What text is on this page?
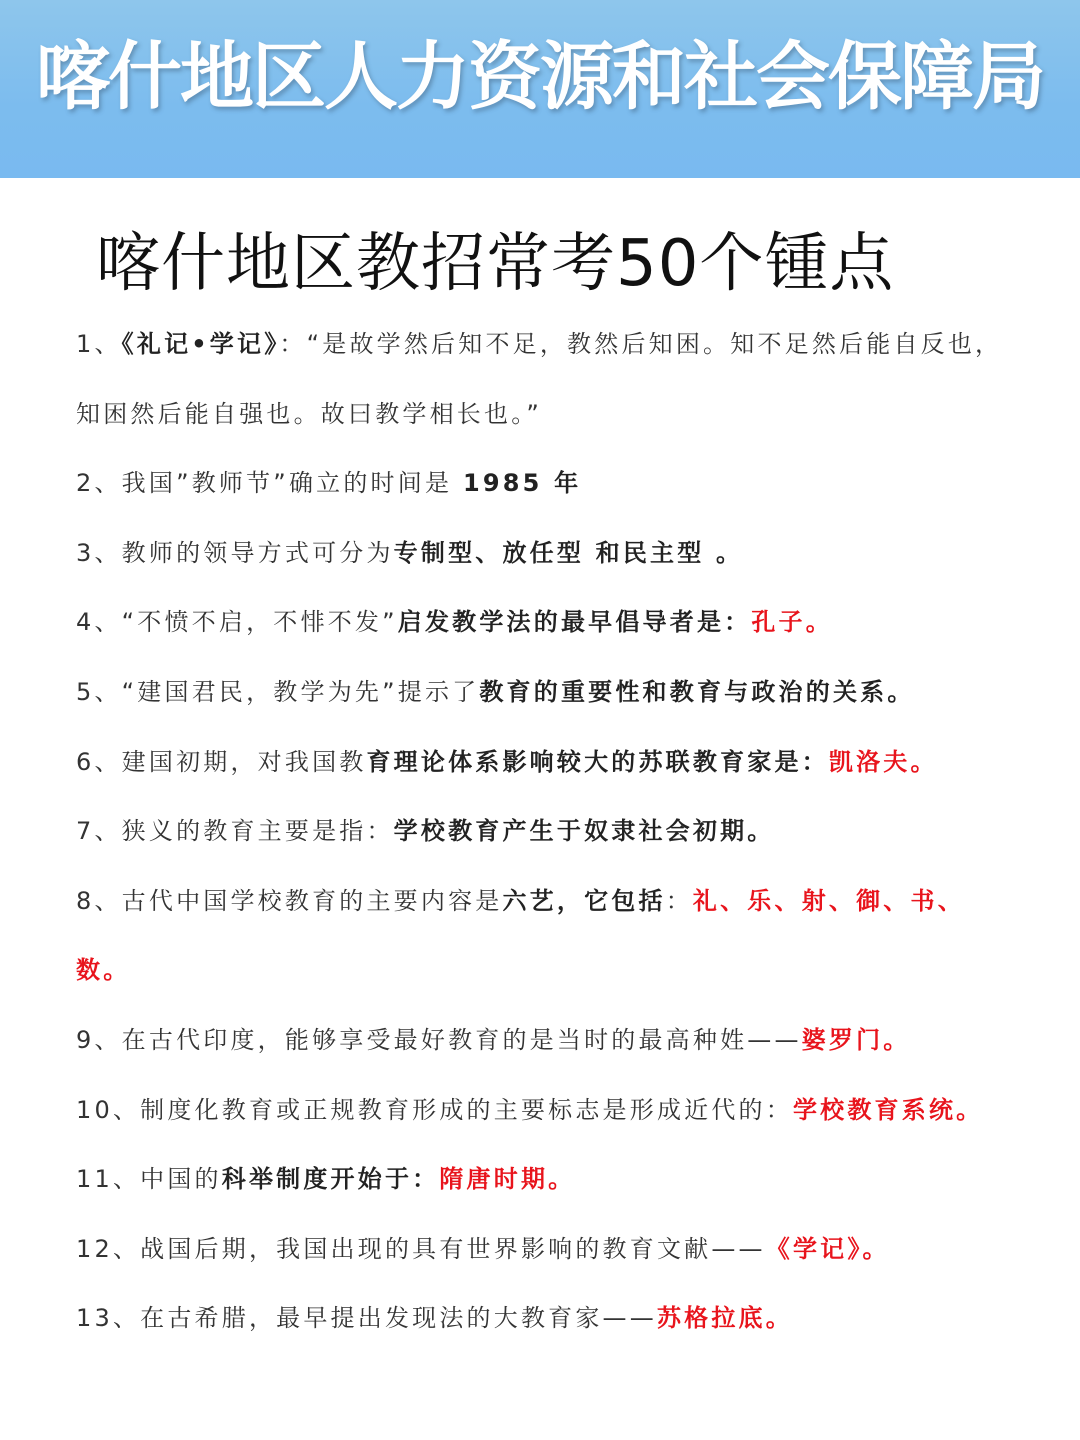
喀什地区人力资源和社会保障局
喀什地区教招常考50个锺点
1、《礼记•学记》：“是故学然后知不足，教然后知困。知不足然后能自反也，知困然后能自强也。故曰教学相长也。”
2、我国”教师节”确立的时间是 1985 年
3、教师的领导方式可分为专制型、放任型 和民主型 。
4、“不愤不启，不悱不发”启发教学法的最早倡导者是：孔子。
5、“建国君民，教学为先”提示了教育的重要性和教育与政治的关系。
6、建国初期，对我国教育理论体系影响较大的苏联教育家是：凯洛夫。
7、狭义的教育主要是指：学校教育产生于奴隶社会初期。
8、古代中国学校教育的主要内容是六艺，它包括：礼、乐、射、御、书、数。
9、在古代印度，能够享受最好教育的是当时的最高种姓——婆罗门。
10、制度化教育或正规教育形成的主要标志是形成近代的：学校教育系统。
11、中国的科举制度开始于：隋唐时期。
12、战国后期，我国出现的具有世界影响的教育文献——《学记》。
13、在古希腊，最早提出发现法的大教育家——苏格拉底。
